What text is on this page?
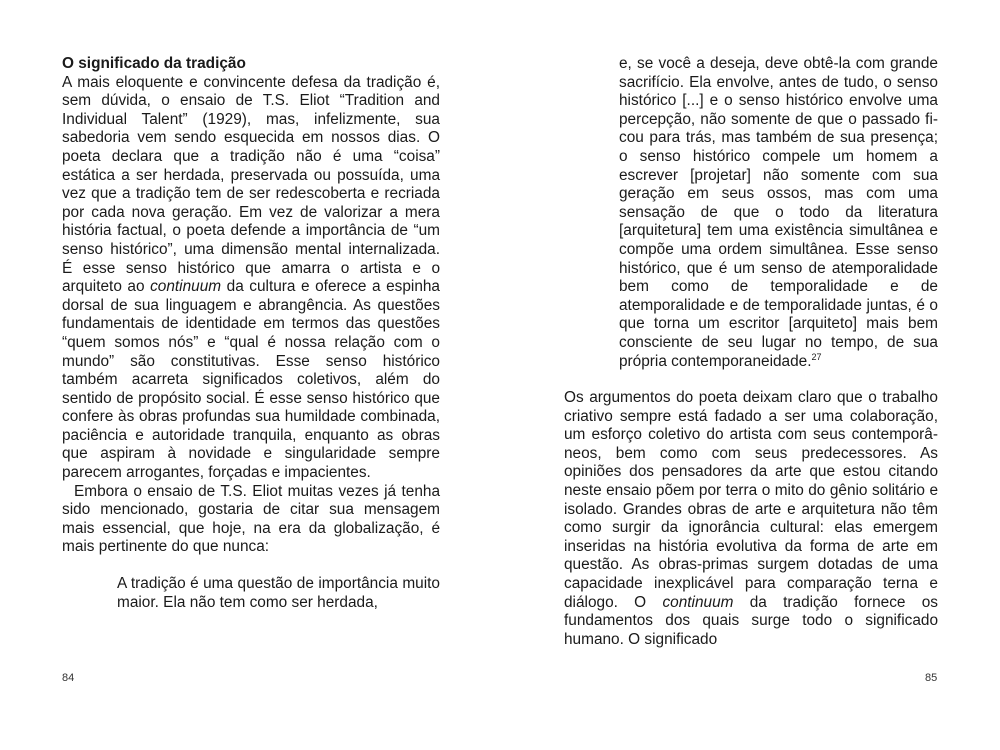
O significado da tradição

A mais eloquente e convincente defesa da tradição é, sem dúvida, o ensaio de T.S. Eliot “Tradition and Individual Talent” (1929), mas, infelizmente, sua sabedoria vem sendo esquecida em nossos dias. O poeta declara que a tradição não é uma “coisa” estática a ser herdada, preservada ou possuída, uma vez que a tradição tem de ser redescoberta e recriada por cada nova geração. Em vez de valorizar a mera história factual, o poeta defende a importância de “um senso histórico”, uma dimensão mental internalizada. É esse senso histórico que amarra o artista e o arquiteto ao continuum da cultura e oferece a espinha dorsal de sua linguagem e abrangência. As questões fundamentais de identidade em termos das questões “quem somos nós” e “qual é nossa relação com o mundo” são constitutivas. Esse senso histórico também acarreta significados coletivos, além do sentido de propósito social. É esse senso histórico que confere às obras profundas sua humildade combinada, paciência e autoridade tranquila, enquanto as obras que aspiram à novidade e singularidade sempre parecem arrogantes, forçadas e impacientes.

Embora o ensaio de T.S. Eliot muitas vezes já tenha sido mencionado, gostaria de citar sua mensagem mais essencial, que hoje, na era da globalização, é mais pertinente do que nunca:

A tradição é uma questão de importância muito maior. Ela não tem como ser herdada,

84

e, se você a deseja, deve obtê-la com grande sacrifício. Ela envolve, antes de tudo, o senso histórico [...] e o senso histórico envolve uma percepção, não somente de que o passado ficou para trás, mas também de sua presença; o senso histórico compele um homem a escrever [projetar] não somente com sua geração em seus ossos, mas com uma sensação de que o todo da literatura [arquitetura] tem uma existência simultânea e compõe uma ordem simultânea. Esse senso histórico, que é um senso de atemporalidade bem como de temporalidade e de atemporalidade e de temporalidade juntas, é o que torna um escritor [arquiteto] mais bem consciente de seu lugar no tempo, de sua própria contemporaneidade.$^{27}$

Os argumentos do poeta deixam claro que o trabalho criativo sempre está fadado a ser uma colaboração, um esforço coletivo do artista com seus contemporâneos, bem como com seus predecessores. As opiniões dos pensadores da arte que estou citando neste ensaio põem por terra o mito do gênio solitário e isolado. Grandes obras de arte e arquitetura não têm como surgir da ignorância cultural: elas emergem inseridas na história evolutiva da forma de arte em questão. As obras-primas surgem dotadas de uma capacidade inexplicável para comparação terna e diálogo. O continuum da tradição fornece os fundamentos dos quais surge todo o significado humano. O significado

85
